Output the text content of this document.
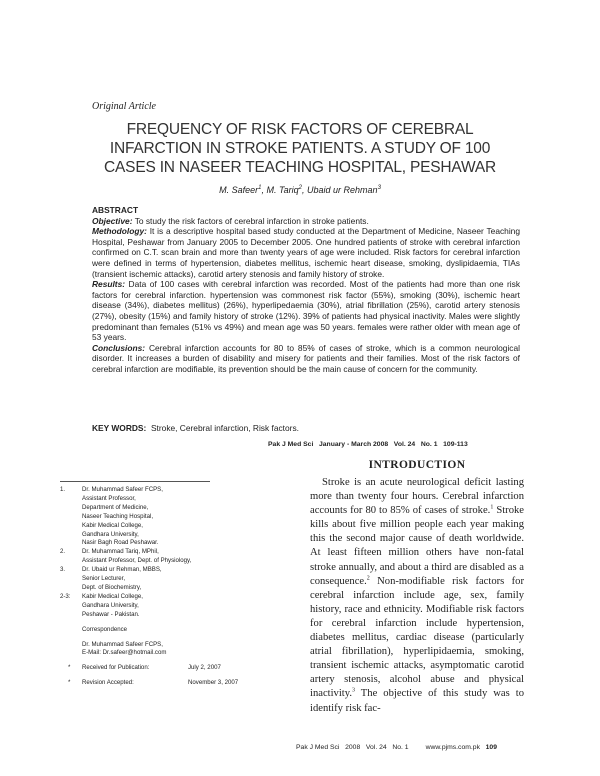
Original Article
FREQUENCY OF RISK FACTORS OF CEREBRAL
INFARCTION IN STROKE PATIENTS. A STUDY OF 100
CASES IN NASEER TEACHING HOSPITAL, PESHAWAR
M. Safeer$^1$, M. Tariq$^2$, Ubaid ur Rehman$^3$

ABSTRACT

Objective: To study the risk factors of cerebral infarction in stroke patients.

Methodology: It is a descriptive hospital based study conducted at the Department of Medicine, Naseer Teaching Hospital, Peshawar from January 2005 to December 2005. One hundred patients of stroke with cerebral infarction confirmed on C.T. scan brain and more than twenty years of age were included. Risk factors for cerebral infarction were defined in terms of hypertension, diabetes mellitus, ischemic heart disease, smoking, dyslipidaemia, TIAs (transient ischemic attacks), carotid artery stenosis and family history of stroke.

Results: Data of 100 cases with cerebral infarction was recorded. Most of the patients had more than one risk factors for cerebral infarction. hypertension was commonest risk factor (55%), smoking (30%), ischemic heart disease (34%), diabetes mellitus) (26%), hyperlipedaemia (30%), atrial fibrillation (25%), carotid artery stenosis (27%), obesity (15%) and family history of stroke (12%). 39% of patients had physical inactivity. Males were slightly predominant than females (51% vs 49%) and mean age was 50 years. females were rather older with mean age of 53 years.

Conclusions: Cerebral infarction accounts for 80 to 85% of cases of stroke, which is a common neurological disorder. It increases a burden of disability and misery for patients and their families. Most of the risk factors of cerebral infarction are modifiable, its prevention should be the main cause of concern for the community.

KEY WORDS: Stroke, Cerebral infarction, Risk factors.
Pak J Med Sci   January - March 2008   Vol. 24   No. 1   109-113
INTRODUCTION
Stroke is an acute neurological deficit lasting more than twenty four hours. Cerebral infarction accounts for 80 to 85% of cases of stroke.$^1$ Stroke kills about five million people each year making this the second major cause of death worldwide. At least fifteen million others have non-fatal stroke annually, and about a third are disabled as a consequence.$^2$ Non-modifiable risk factors for cerebral infarction include age, sex, family history, race and ethnicity. Modifiable risk factors for cerebral infarction include hypertension, diabetes mellitus, cardiac disease (particularly atrial fibrillation), hyperlipidaemia, smoking, transient ischemic attacks, asymptomatic carotid artery stenosis, alcohol abuse and physical inactivity.$^3$ The objective of this study was to identify risk fac-
1.	Dr. Muhammad Safeer FCPS,
Assistant Professor,
Department of Medicine,
Naseer Teaching Hospital,
Kabir Medical College,
Gandhara University,
Nasir Bagh Road Peshawar.
2.	Dr. Muhammad Tariq, MPhil,
Assistant Professor, Dept. of Physiology,
3.	Dr. Ubaid ur Rehman, MBBS,
Senior Lecturer,
Dept. of Biochemistry,
2-3:	Kabir Medical College,
Gandhara University,
Peshawar - Pakistan.
Correspondence
Dr. Muhammad Safeer FCPS,
E-Mail: Dr.safeer@hotmail.com
*	Received for Publication:	July 2, 2007
*	Revision Accepted:	November 3, 2007
Pak J Med Sci   2008   Vol. 24   No. 1         www.pjms.com.pk 109
